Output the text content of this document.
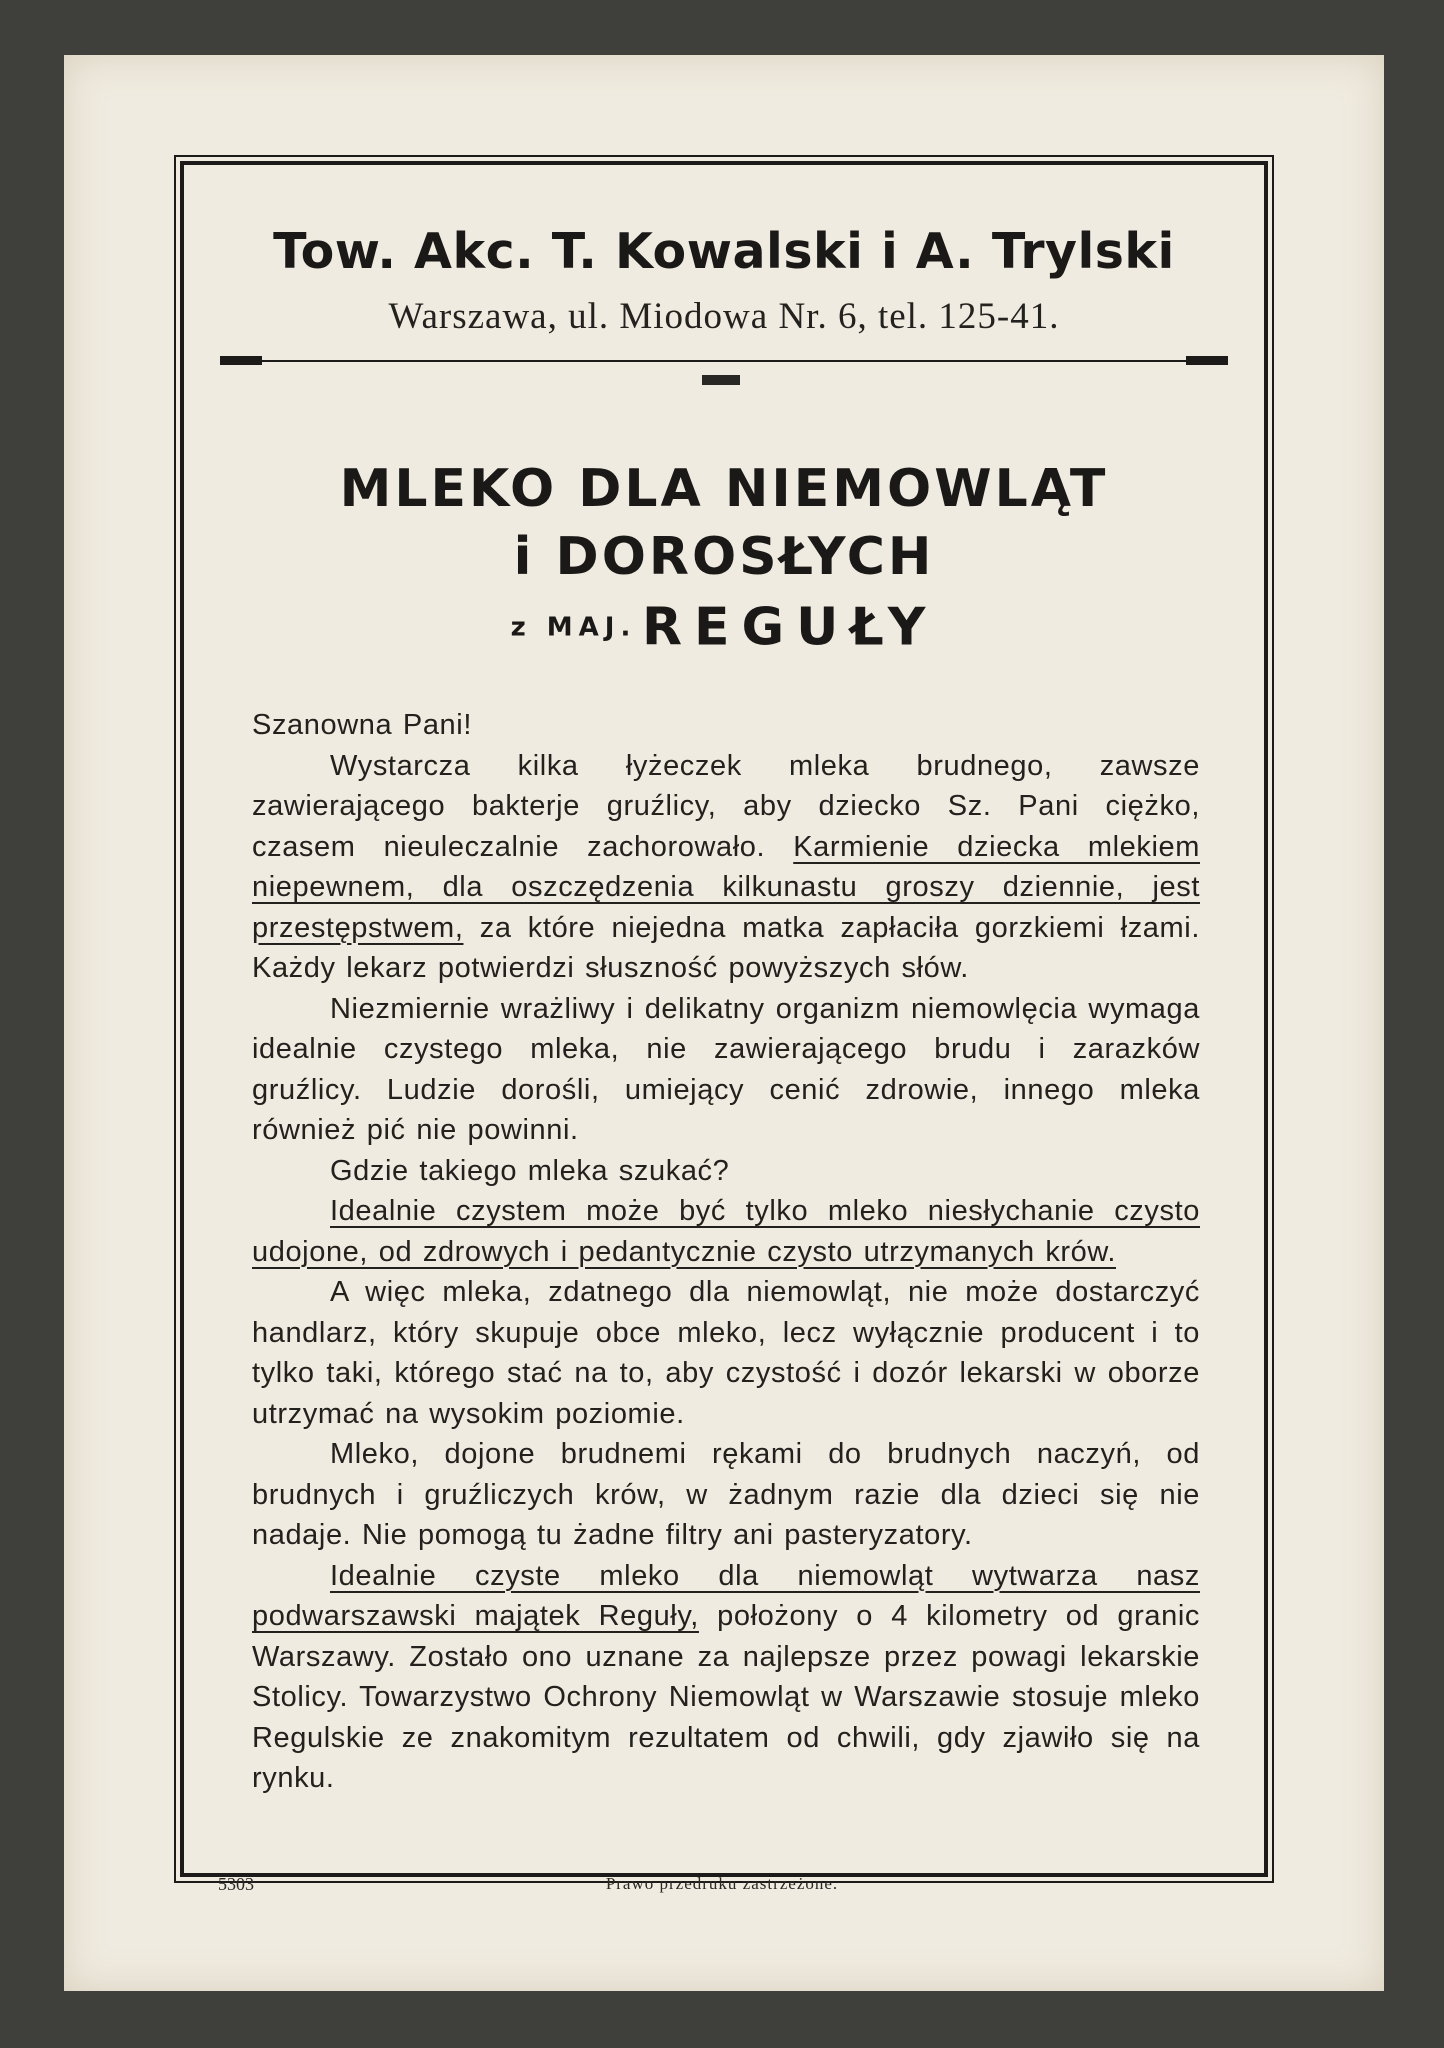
Tow. Akc. T. Kowalski i A. Trylski
Warszawa, ul. Miodowa Nr. 6, tel. 125-41.
MLEKO DLA NIEMOWLĄT
i DOROSŁYCH
z MAJ. REGUŁY

Szanowna Pani!

Wystarcza kilka łyżeczek mleka brudnego, zawsze zawierającego bakterje gruźlicy, aby dziecko Sz. Pani ciężko, czasem nieuleczalnie zachorowało. Karmienie dziecka mlekiem niepewnem, dla oszczędzenia kilkunastu groszy dziennie, jest przestępstwem, za które niejedna matka zapłaciła gorzkiemi łzami. Każdy lekarz potwierdzi słuszność powyższych słów.

Niezmiernie wrażliwy i delikatny organizm niemowlęcia wymaga idealnie czystego mleka, nie zawierającego brudu i zarazków gruźlicy. Ludzie dorośli, umiejący cenić zdrowie, innego mleka również pić nie powinni.

Gdzie takiego mleka szukać?

Idealnie czystem może być tylko mleko niesłychanie czysto udojone, od zdrowych i pedantycznie czysto utrzymanych krów.

A więc mleka, zdatnego dla niemowląt, nie może dostarczyć handlarz, który skupuje obce mleko, lecz wyłącznie producent i to tylko taki, którego stać na to, aby czystość i dozór lekarski w oborze utrzymać na wysokim poziomie.

Mleko, dojone brudnemi rękami do brudnych naczyń, od brudnych i gruźliczych krów, w żadnym razie dla dzieci się nie nadaje. Nie pomogą tu żadne filtry ani pasteryzatory.

Idealnie czyste mleko dla niemowląt wytwarza nasz podwarszawski majątek Reguły, położony o 4 kilometry od granic Warszawy. Zostało ono uznane za najlepsze przez powagi lekarskie Stolicy. Towarzystwo Ochrony Niemowląt w Warszawie stosuje mleko Regulskie ze znakomitym rezultatem od chwili, gdy zjawiło się na rynku.

5303	Prawo przedruku zastrzeżone.
